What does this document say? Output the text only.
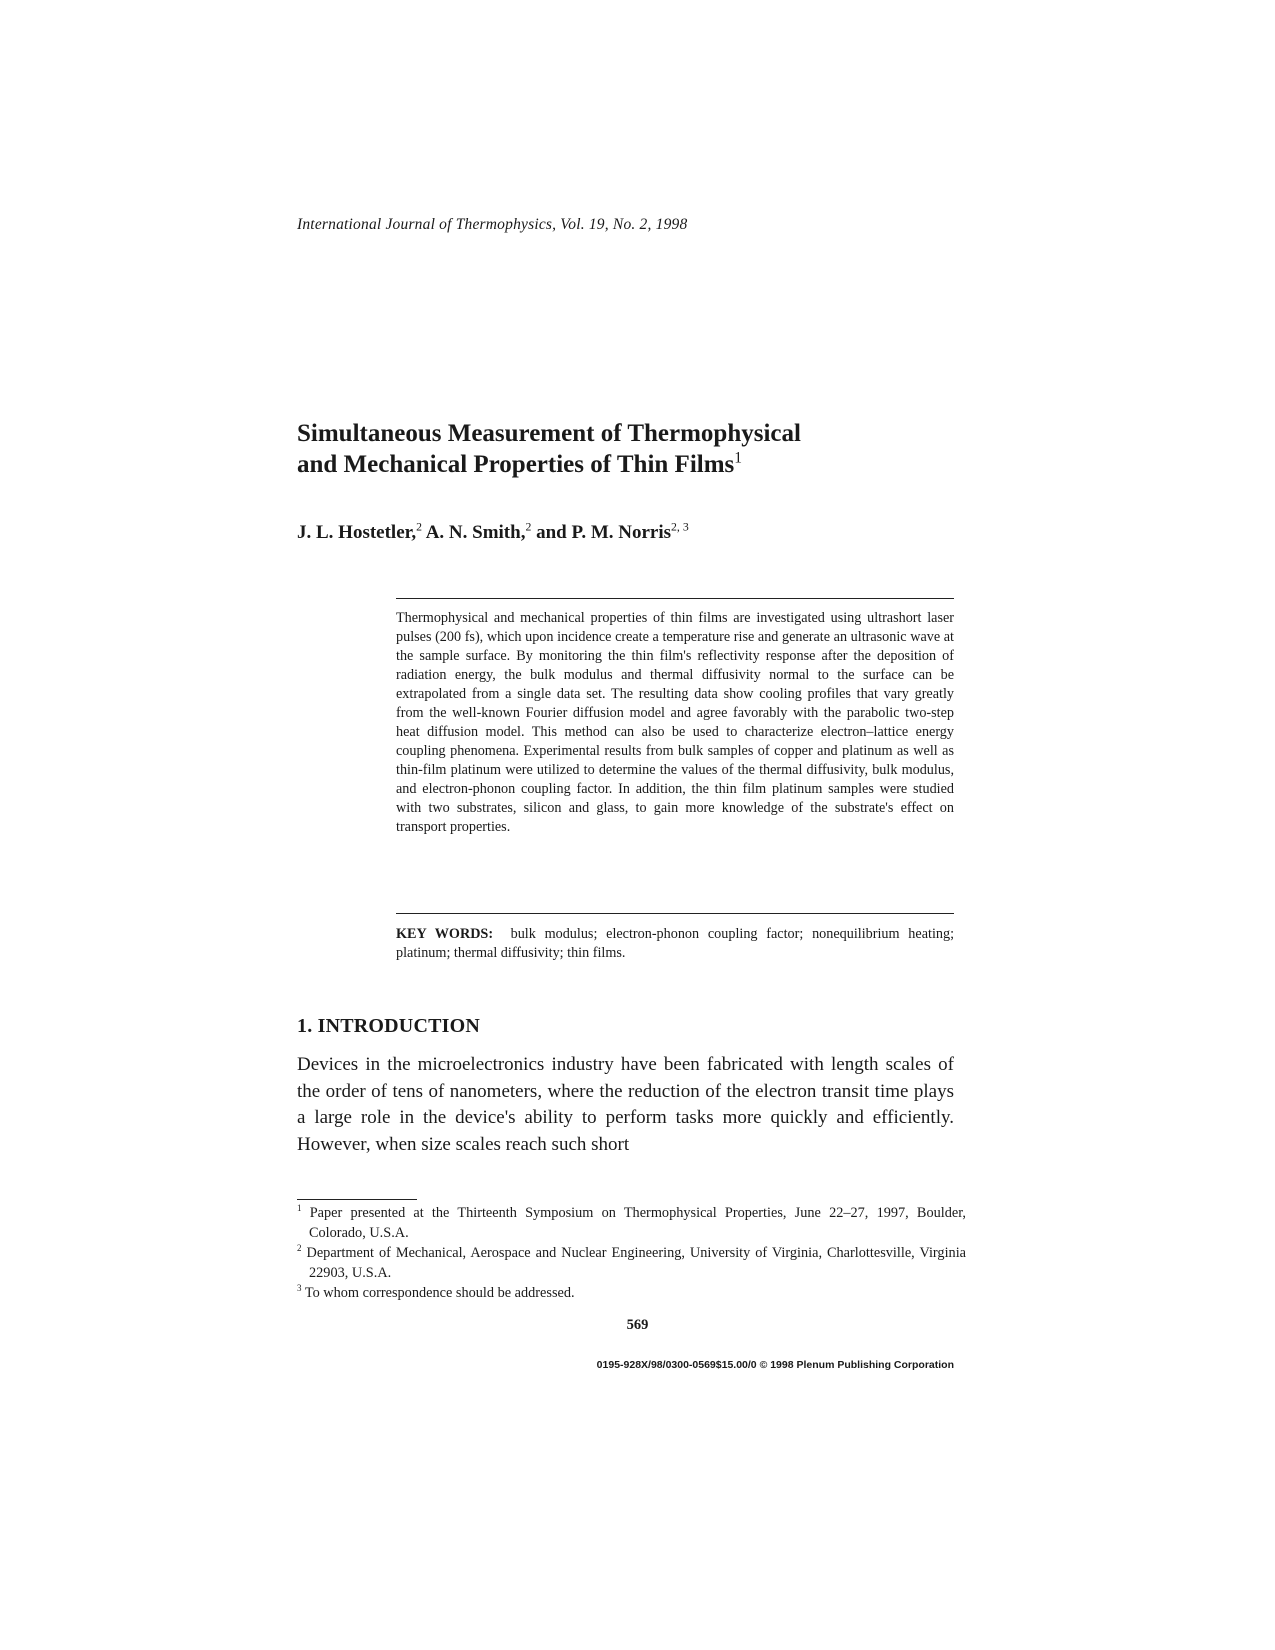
International Journal of Thermophysics, Vol. 19, No. 2, 1998
Simultaneous Measurement of Thermophysical
and Mechanical Properties of Thin Films$^1$
J. L. Hostetler,$^2$ A. N. Smith,$^2$ and P. M. Norris$^{2, 3}$

Thermophysical and mechanical properties of thin films are investigated using ultrashort laser pulses (200 fs), which upon incidence create a temperature rise and generate an ultrasonic wave at the sample surface. By monitoring the thin film's reflectivity response after the deposition of radiation energy, the bulk modulus and thermal diffusivity normal to the surface can be extrapolated from a single data set. The resulting data show cooling profiles that vary greatly from the well-known Fourier diffusion model and agree favorably with the parabolic two-step heat diffusion model. This method can also be used to characterize electron–lattice energy coupling phenomena. Experimental results from bulk samples of copper and platinum as well as thin-film platinum were utilized to determine the values of the thermal diffusivity, bulk modulus, and electron-phonon coupling factor. In addition, the thin film platinum samples were studied with two substrates, silicon and glass, to gain more knowledge of the substrate's effect on transport properties.

KEY WORDS: bulk modulus; electron-phonon coupling factor; nonequilibrium heating; platinum; thermal diffusivity; thin films.

1. INTRODUCTION

Devices in the microelectronics industry have been fabricated with length scales of the order of tens of nanometers, where the reduction of the electron transit time plays a large role in the device's ability to perform tasks more quickly and efficiently. However, when size scales reach such short

$^1$ Paper presented at the Thirteenth Symposium on Thermophysical Properties, June 22–27, 1997, Boulder, Colorado, U.S.A.

$^2$ Department of Mechanical, Aerospace and Nuclear Engineering, University of Virginia, Charlottesville, Virginia 22903, U.S.A.

$^3$ To whom correspondence should be addressed.

569
0195-928X/98/0300-0569$15.00/0 © 1998 Plenum Publishing Corporation
